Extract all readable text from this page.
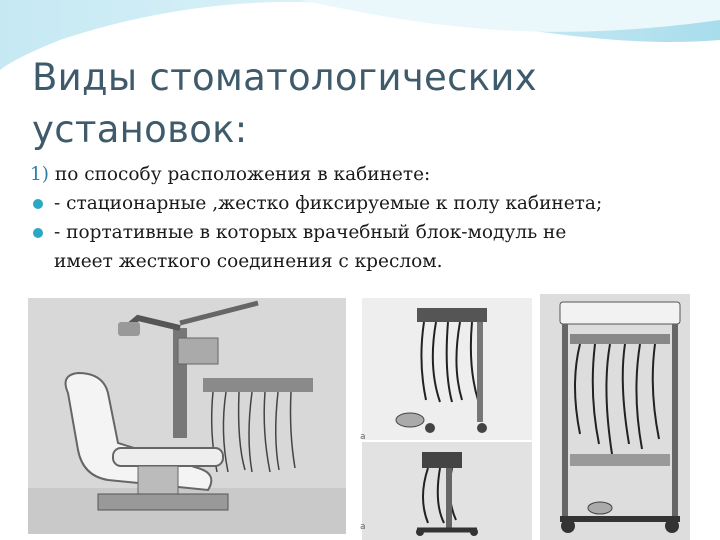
Виды стоматологических
установок:
1) по способу расположения в кабинете:
- стационарные ,жестко фиксируемые к полу кабинета;
- портативные в которых врачебный блок-модуль не
имеет жесткого соединения с креслом.
a
a
